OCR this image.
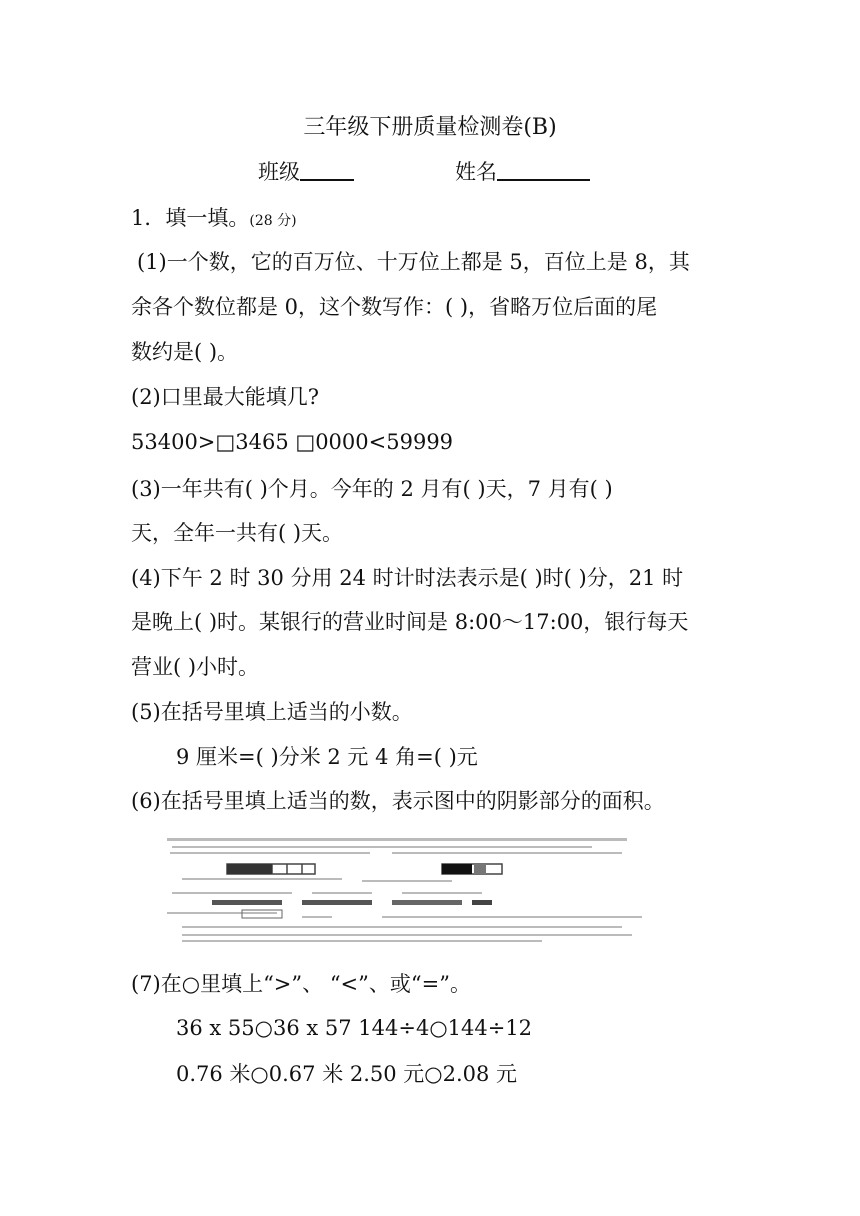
三年级下册质量检测卷(B)
班级	姓名
1．填一填。(28 分)
(1)一个数，它的百万位、十万位上都是 5，百位上是 8，其
余各个数位都是 0，这个数写作：( )，省略万位后面的尾
数约是( )。
(2)口里最大能填几?
53400>□3465 □0000<59999
(3)一年共有( )个月。今年的 2 月有( )天，7 月有( )
天，全年一共有( )天。
(4)下午 2 时 30 分用 24 时计时法表示是( )时( )分，21 时
是晚上( )时。某银行的营业时间是 8:00～17:00，银行每天
营业( )小时。
(5)在括号里填上适当的小数。
9 厘米=( )分米 2 元 4 角=( )元
(6)在括号里填上适当的数，表示图中的阴影部分的面积。
(7)在○里填上“>”、 “<”、或“=”。
36 x 55○36 x 57 144÷4○144÷12
0.76 米○0.67 米 2.50 元○2.08 元
